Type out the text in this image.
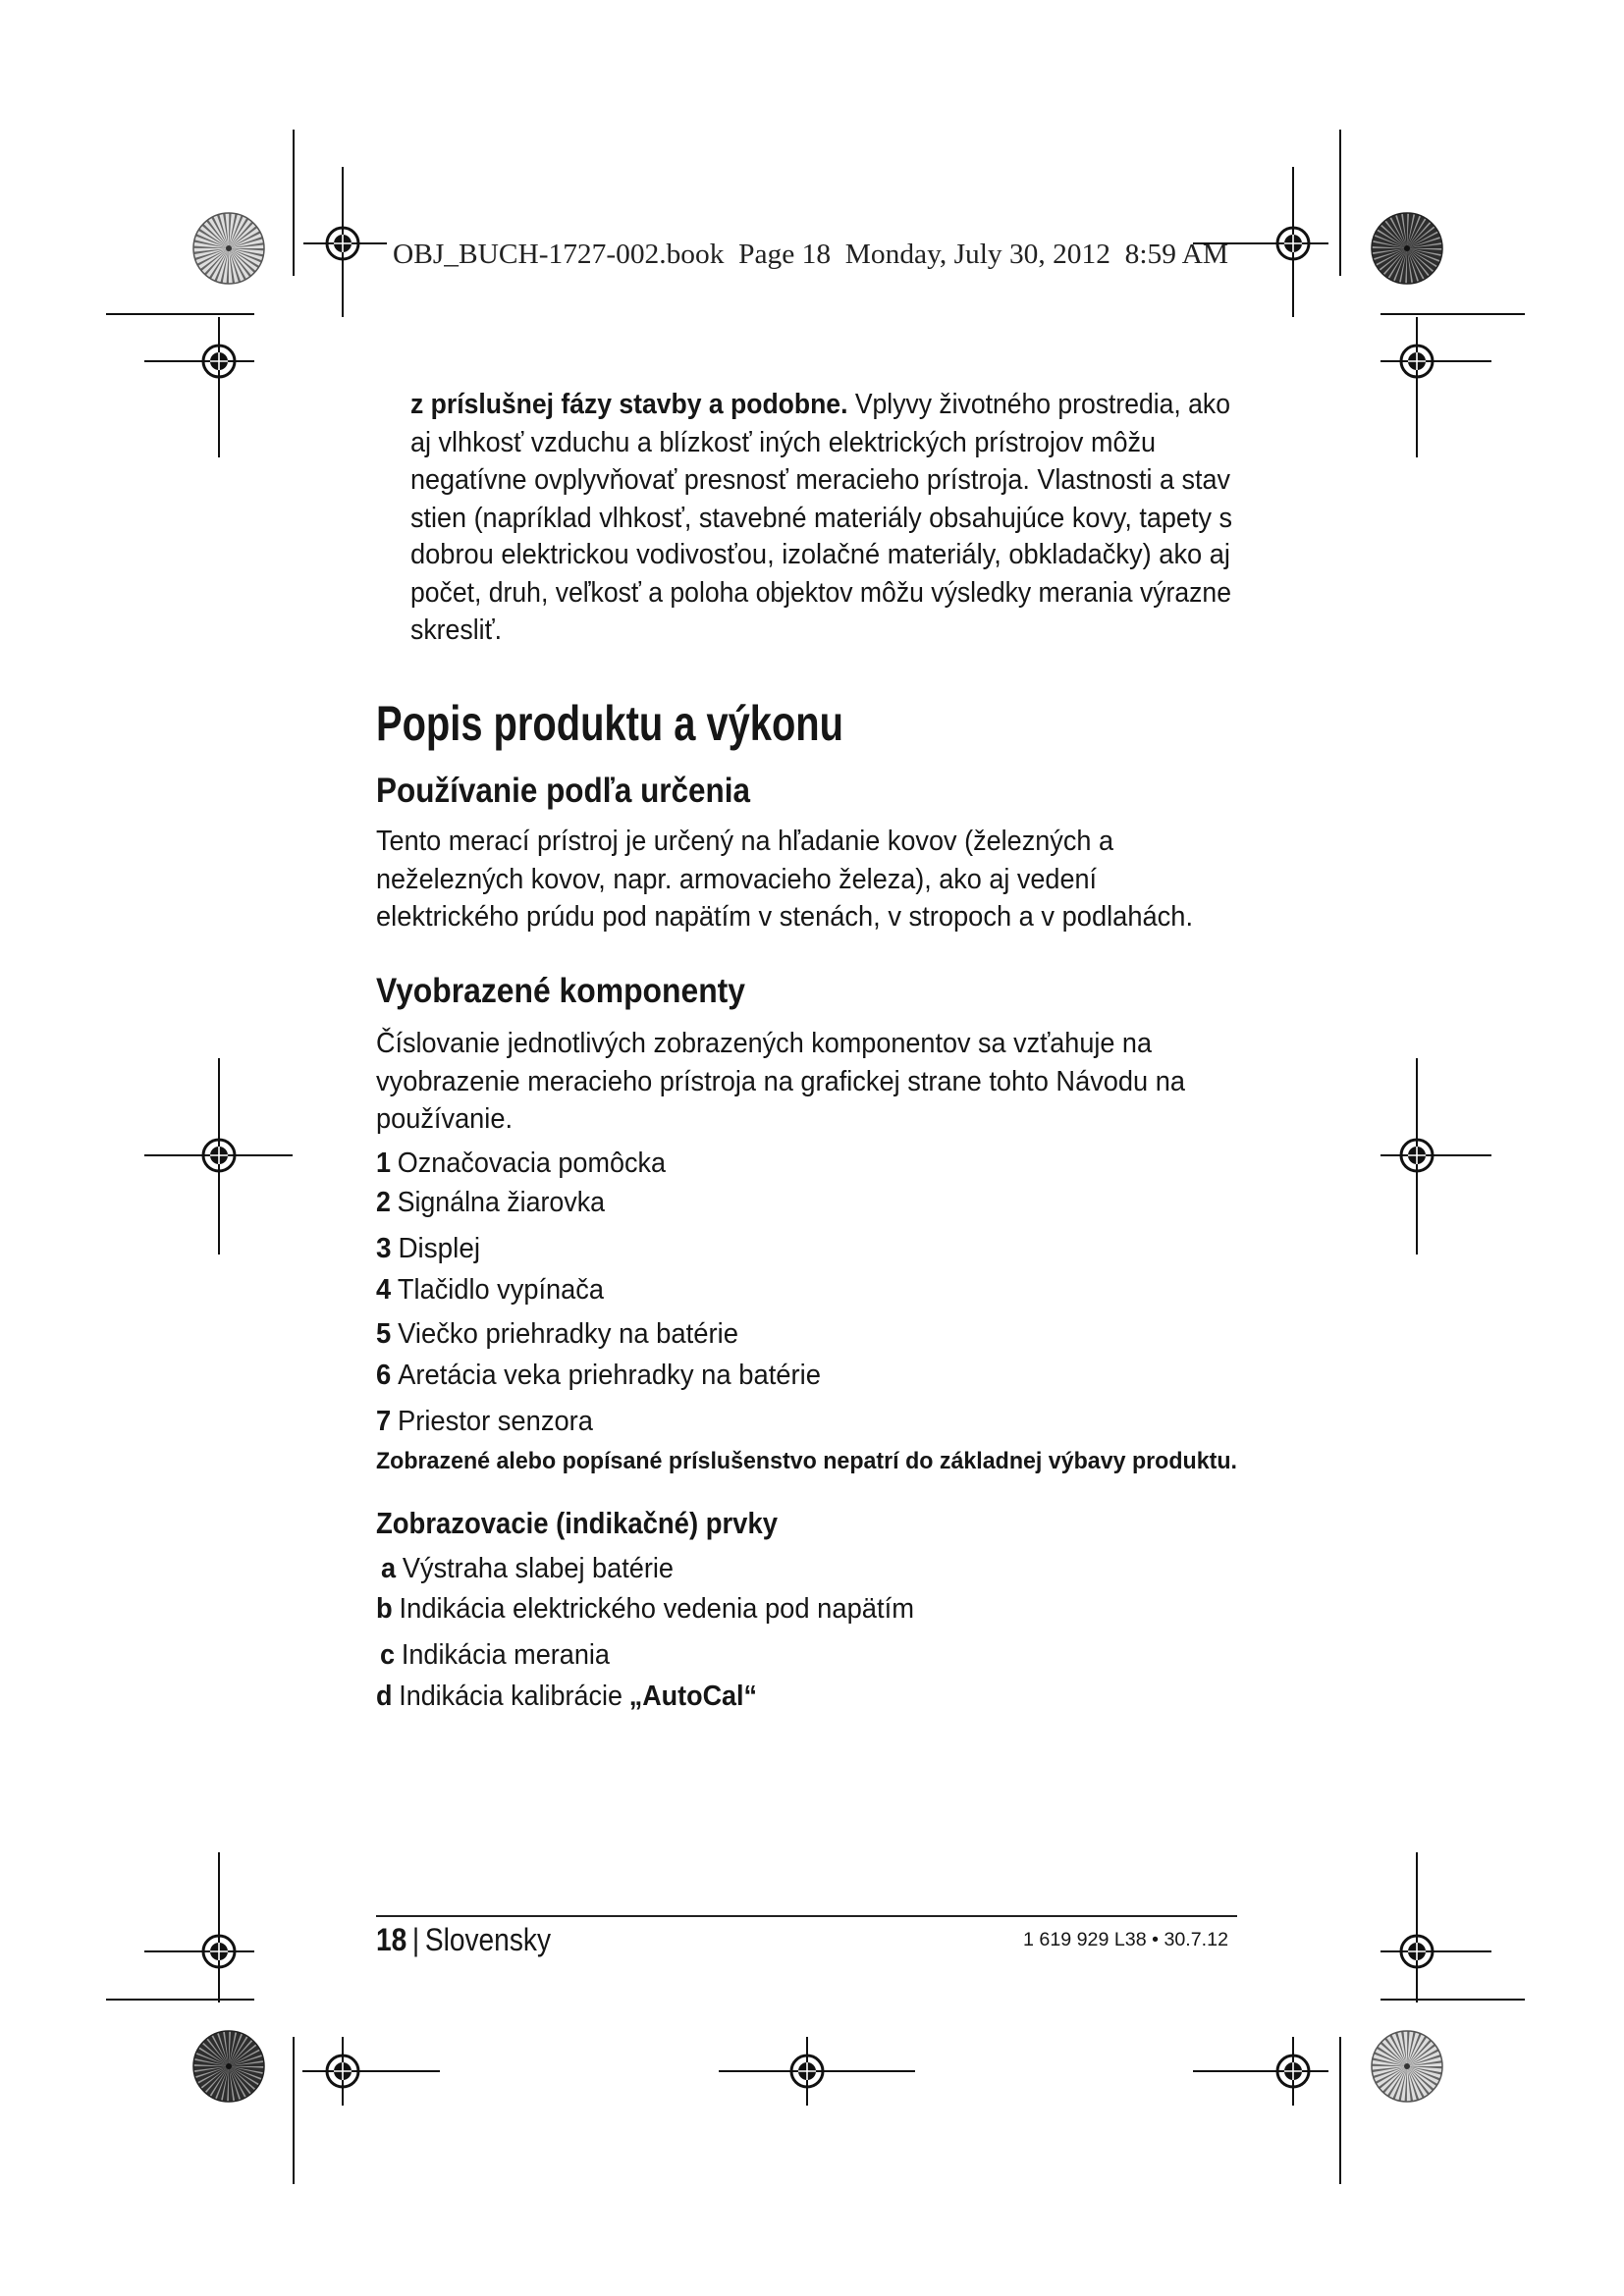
OBJ_BUCH-1727-002.book  Page 18  Monday, July 30, 2012  8:59 AM
z príslušnej fázy stavby a podobne. Vplyvy životného prostredia, ako
aj vlhkosť vzduchu a blízkosť iných elektrických prístrojov môžu
negatívne ovplyvňovať presnosť meracieho prístroja. Vlastnosti a stav
stien (napríklad vlhkosť, stavebné materiály obsahujúce kovy, tapety s
dobrou elektrickou vodivosťou, izolačné materiály, obkladačky) ako aj
počet, druh, veľkosť a poloha objektov môžu výsledky merania výrazne
skresliť.
Popis produktu a výkonu
Používanie podľa určenia
Tento merací prístroj je určený na hľadanie kovov (železných a
neželezných kovov, napr. armovacieho železa), ako aj vedení
elektrického prúdu pod napätím v stenách, v stropoch a v podlahách.
Vyobrazené komponenty
Číslovanie jednotlivých zobrazených komponentov sa vzťahuje na
vyobrazenie meracieho prístroja na grafickej strane tohto Návodu na
používanie.
1 Označovacia pomôcka
2 Signálna žiarovka
3 Displej
4 Tlačidlo vypínača
5 Viečko priehradky na batérie
6 Aretácia veka priehradky na batérie
7 Priestor senzora
Zobrazené alebo popísané príslušenstvo nepatrí do základnej výbavy produktu.
Zobrazovacie (indikačné) prvky
a Výstraha slabej batérie
b Indikácia elektrického vedenia pod napätím
c Indikácia merania
d Indikácia kalibrácie „AutoCal“
18 | Slovensky	1 619 929 L38 • 30.7.12
